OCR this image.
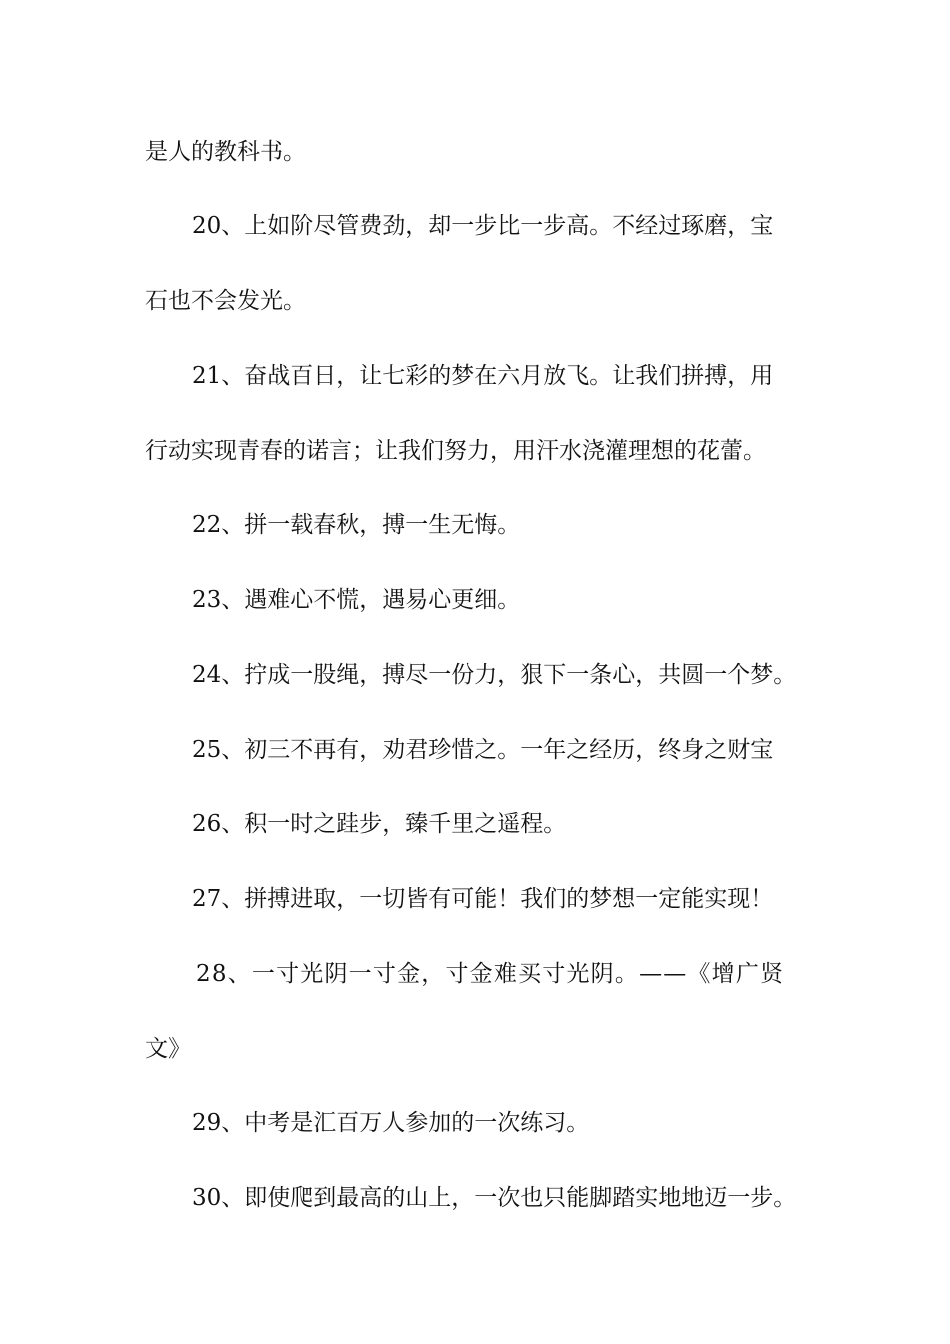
是人的教科书。
20、上如阶尽管费劲，却一步比一步高。不经过琢磨，宝
石也不会发光。
21、奋战百日，让七彩的梦在六月放飞。让我们拼搏，用
行动实现青春的诺言；让我们努力，用汗水浇灌理想的花蕾。
22、拼一载春秋，搏一生无悔。
23、遇难心不慌，遇易心更细。
24、拧成一股绳，搏尽一份力，狠下一条心，共圆一个梦。
25、初三不再有，劝君珍惜之。一年之经历，终身之财宝
26、积一时之跬步，臻千里之遥程。
27、拼搏进取，一切皆有可能！我们的梦想一定能实现！
28、一寸光阴一寸金，寸金难买寸光阴。——《增广贤
文》
29、中考是汇百万人参加的一次练习。
30、即使爬到最高的山上，一次也只能脚踏实地地迈一步。
